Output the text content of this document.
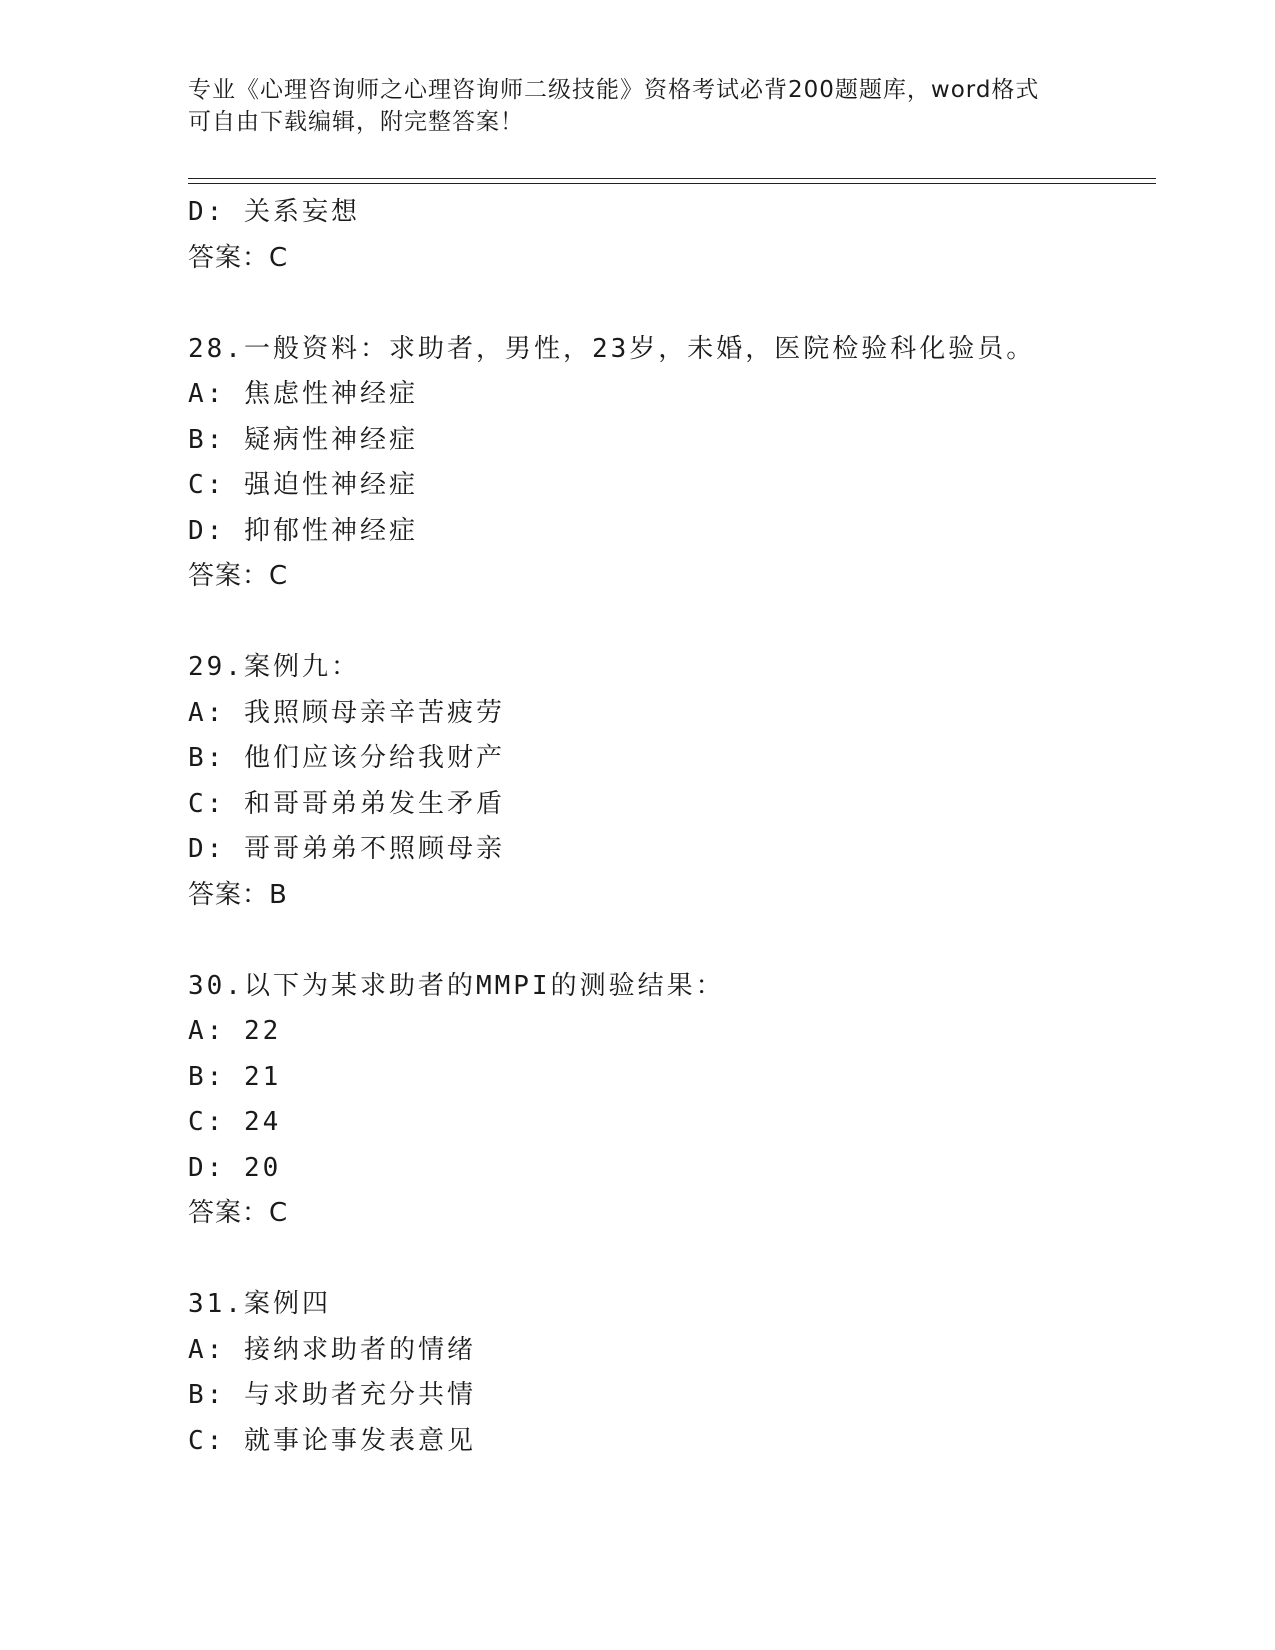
专业《心理咨询师之心理咨询师二级技能》资格考试必背200题题库，word格式
可自由下载编辑，附完整答案！
D: 关系妄想
答案：C
28.一般资料：求助者，男性，23岁，未婚，医院检验科化验员。
A: 焦虑性神经症
B: 疑病性神经症
C: 强迫性神经症
D: 抑郁性神经症
答案：C
29.案例九：
A: 我照顾母亲辛苦疲劳
B: 他们应该分给我财产
C: 和哥哥弟弟发生矛盾
D: 哥哥弟弟不照顾母亲
答案：B
30.以下为某求助者的MMPI的测验结果：
A: 22
B: 21
C: 24
D: 20
答案：C
31.案例四
A: 接纳求助者的情绪
B: 与求助者充分共情
C: 就事论事发表意见
